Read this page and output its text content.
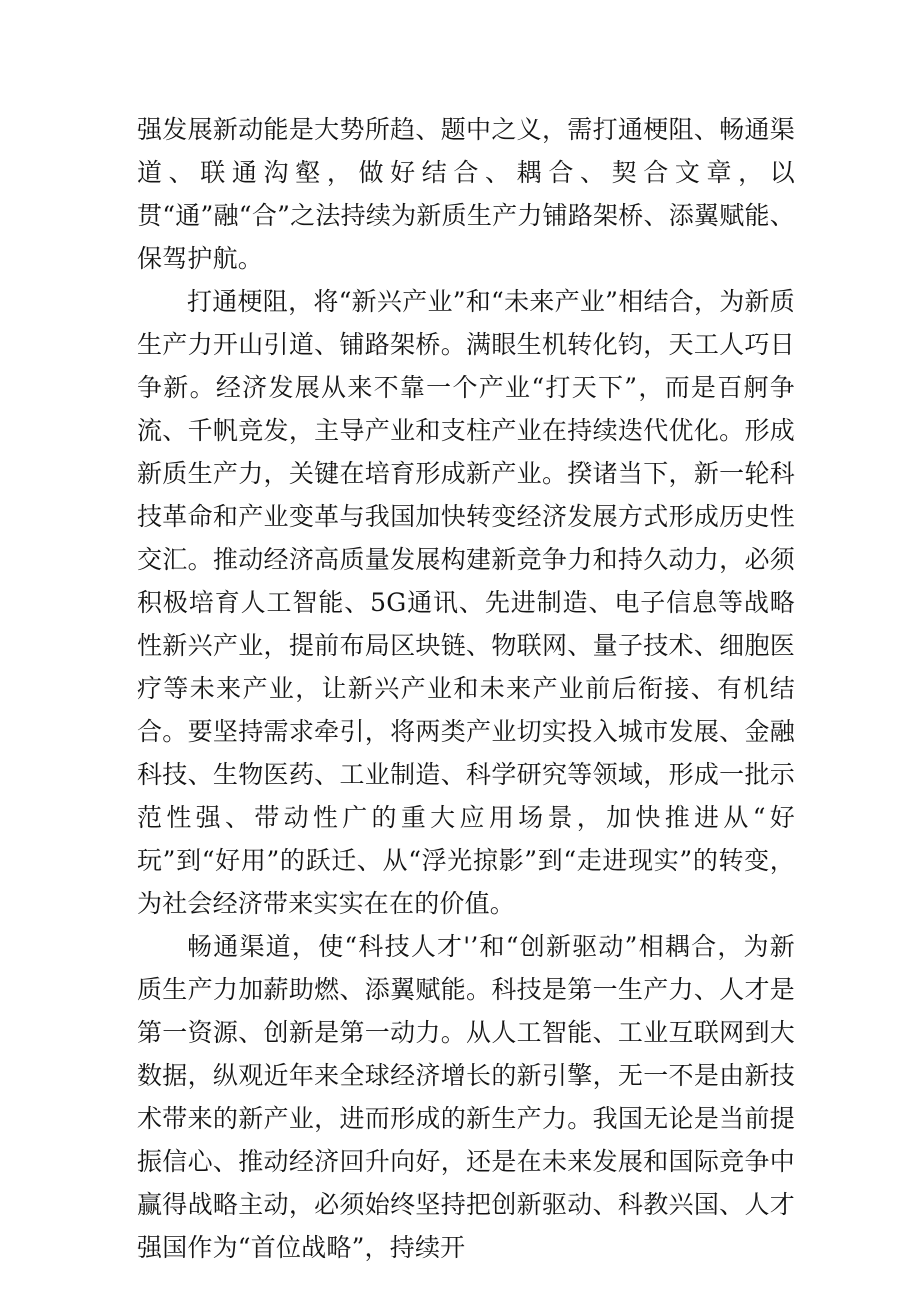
强发展新动能是大势所趋、题中之义，需打通梗阻、畅通渠道、联通沟壑，做好结合、耦合、契合文章，以贯“通”融“合”之法持续为新质生产力铺路架桥、添翼赋能、保驾护航。

打通梗阻，将“新兴产业”和“未来产业”相结合，为新质生产力开山引道、铺路架桥。满眼生机转化钧，天工人巧日争新。经济发展从来不靠一个产业“打天下”，而是百舸争流、千帆竞发，主导产业和支柱产业在持续迭代优化。形成新质生产力，关键在培育形成新产业。揆诸当下，新一轮科技革命和产业变革与我国加快转变经济发展方式形成历史性交汇。推动经济高质量发展构建新竞争力和持久动力，必须积极培育人工智能、5G通讯、先进制造、电子信息等战略性新兴产业，提前布局区块链、物联网、量子技术、细胞医疗等未来产业，让新兴产业和未来产业前后衔接、有机结合。要坚持需求牵引，将两类产业切实投入城市发展、金融科技、生物医药、工业制造、科学研究等领域，形成一批示范性强、带动性广的重大应用场景，加快推进从“好玩”到“好用”的跃迁、从“浮光掠影”到“走进现实”的转变，为社会经济带来实实在在的价值。

畅通渠道，使“科技人才'’和“创新驱动”相耦合，为新质生产力加薪助燃、添翼赋能。科技是第一生产力、人才是第一资源、创新是第一动力。从人工智能、工业互联网到大数据，纵观近年来全球经济增长的新引擎，无一不是由新技术带来的新产业，进而形成的新生产力。我国无论是当前提振信心、推动经济回升向好，还是在未来发展和国际竞争中赢得战略主动，必须始终坚持把创新驱动、科教兴国、人才强国作为“首位战略”，持续开
